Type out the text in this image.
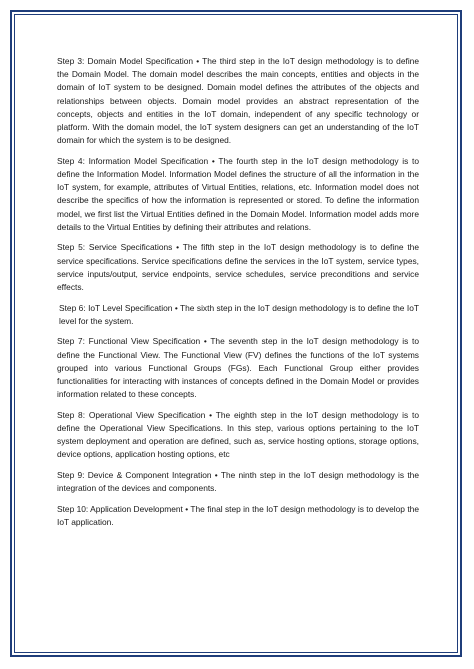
Step 3: Domain Model Specification • The third step in the IoT design methodology is to define the Domain Model. The domain model describes the main concepts, entities and objects in the domain of IoT system to be designed. Domain model defines the attributes of the objects and relationships between objects. Domain model provides an abstract representation of the concepts, objects and entities in the IoT domain, independent of any specific technology or platform. With the domain model, the IoT system designers can get an understanding of the IoT domain for which the system is to be designed.

Step 4: Information Model Specification • The fourth step in the IoT design methodology is to define the Information Model. Information Model defines the structure of all the information in the IoT system, for example, attributes of Virtual Entities, relations, etc. Information model does not describe the specifics of how the information is represented or stored. To define the information model, we first list the Virtual Entities defined in the Domain Model. Information model adds more details to the Virtual Entities by defining their attributes and relations.

Step 5: Service Specifications • The fifth step in the IoT design methodology is to define the service specifications. Service specifications define the services in the IoT system, service types, service inputs/output, service endpoints, service schedules, service preconditions and service effects.

Step 6: IoT Level Specification • The sixth step in the IoT design methodology is to define the IoT level for the system.

Step 7: Functional View Specification • The seventh step in the IoT design methodology is to define the Functional View. The Functional View (FV) defines the functions of the IoT systems grouped into various Functional Groups (FGs). Each Functional Group either provides functionalities for interacting with instances of concepts defined in the Domain Model or provides information related to these concepts.

Step 8: Operational View Specification • The eighth step in the IoT design methodology is to define the Operational View Specifications. In this step, various options pertaining to the IoT system deployment and operation are defined, such as, service hosting options, storage options, device options, application hosting options, etc

Step 9: Device & Component Integration • The ninth step in the IoT design methodology is the integration of the devices and components.

Step 10: Application Development • The final step in the IoT design methodology is to develop the IoT application.
